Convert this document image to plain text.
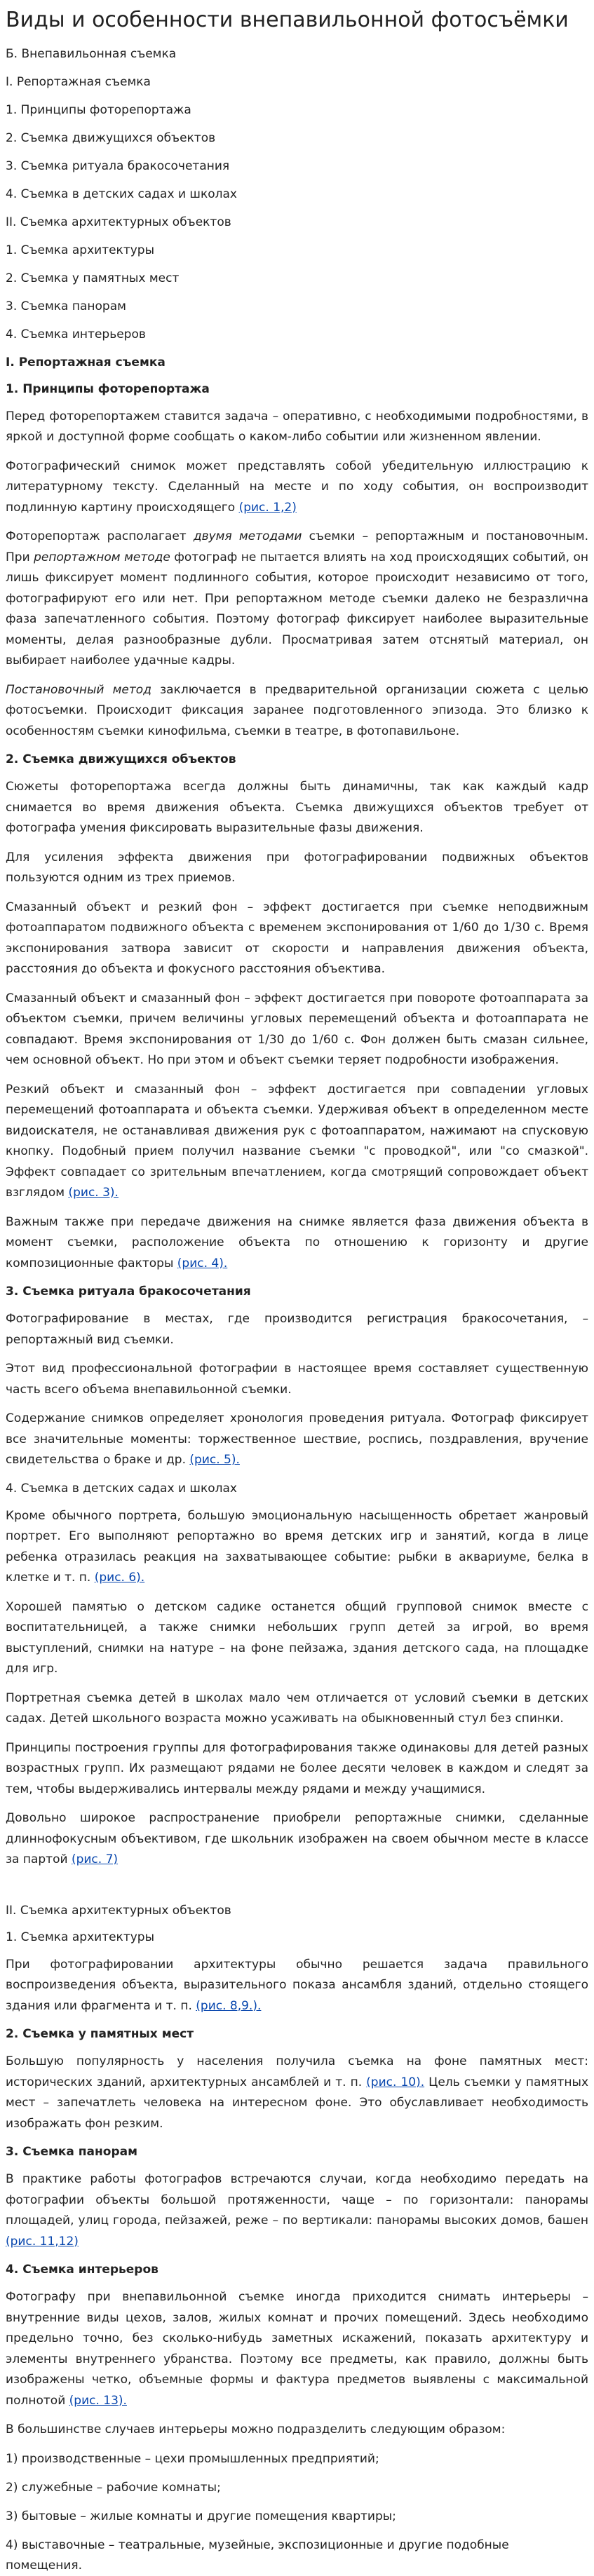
Виды и особенности внепавильонной фотосъёмки
Б. Внепавильонная съемка
I. Репортажная съемка
1. Принципы фоторепортажа
2. Съемка движущихся объектов
3. Съемка ритуала бракосочетания
4. Съемка в детских садах и школах
II. Съемка архитектурных объектов
1. Съемка архитектуры
2. Съемка у памятных мест
3. Съемка панорам
4. Съемка интерьеров
I. Репортажная съемка
1. Принципы фоторепортажа

Перед фоторепортажем ставится задача – оперативно, с необходимыми подробностями, в яркой и доступной форме сообщать о каком-либо событии или жизненном явлении.

Фотографический снимок может представлять собой убедительную иллюстрацию к литературному тексту. Сделанный на месте и по ходу события, он воспроизводит подлинную картину происходящего (рис. 1,2)

Фоторепортаж располагает двумя методами съемки – репортажным и постановочным. При репортажном методе фотограф не пытается влиять на ход происходящих событий, он лишь фиксирует момент подлинного события, которое происходит независимо от того, фотографируют его или нет. При репортажном методе съемки далеко не безразлична фаза запечатленного события. Поэтому фотограф фиксирует наиболее выразительные моменты, делая разнообразные дубли. Просматривая затем отснятый материал, он выбирает наиболее удачные кадры.

Постановочный метод заключается в предварительной организации сюжета с целью фотосъемки. Происходит фиксация заранее подготовленного эпизода. Это близко к особенностям съемки кинофильма, съемки в театре, в фотопавильоне.

2. Съемка движущихся объектов

Сюжеты фоторепортажа всегда должны быть динамичны, так как каждый кадр снимается во время движения объекта. Съемка движущихся объектов требует от фотографа умения фиксировать выразительные фазы движения.

Для усиления эффекта движения при фотографировании подвижных объектов пользуются одним из трех приемов.

Смазанный объект и резкий фон – эффект достигается при съемке неподвижным фотоаппаратом подвижного объекта с временем экспонирования от 1/60 до 1/30 с. Время экспонирования затвора зависит от скорости и направления движения объекта, расстояния до объекта и фокусного расстояния объектива.

Смазанный объект и смазанный фон – эффект достигается при повороте фотоаппарата за объектом съемки, причем величины угловых перемещений объекта и фотоаппарата не совпадают. Время экспонирования от 1/30 до 1/60 с. Фон должен быть смазан сильнее, чем основной объект. Но при этом и объект съемки теряет подробности изображения.

Резкий объект и смазанный фон – эффект достигается при совпадении угловых перемещений фотоаппарата и объекта съемки. Удерживая объект в определенном месте видоискателя, не останавливая движения рук с фотоаппаратом, нажимают на спусковую кнопку. Подобный прием получил название съемки "с проводкой", или "со смазкой". Эффект совпадает со зрительным впечатлением, когда смотрящий сопровождает объект взглядом (рис. 3).

Важным также при передаче движения на снимке является фаза движения объекта в момент съемки, расположение объекта по отношению к горизонту и другие композиционные факторы (рис. 4).

3. Съемка ритуала бракосочетания

Фотографирование в местах, где производится регистрация бракосочетания, – репортажный вид съемки.

Этот вид профессиональной фотографии в настоящее время составляет существенную часть всего объема внепавильонной съемки.

Содержание снимков определяет хронология проведения ритуала. Фотограф фиксирует все значительные моменты: торжественное шествие, роспись, поздравления, вручение свидетельства о браке и др. (рис. 5).

4. Съемка в детских садах и школах

Кроме обычного портрета, большую эмоциональную насыщенность обретает жанровый портрет. Его выполняют репортажно во время детских игр и занятий, когда в лице ребенка отразилась реакция на захватывающее событие: рыбки в аквариуме, белка в клетке и т. п. (рис. 6).

Хорошей памятью о детском садике останется общий групповой снимок вместе с воспитательницей, а также снимки небольших групп детей за игрой, во время выступлений, снимки на натуре – на фоне пейзажа, здания детского сада, на площадке для игр.

Портретная съемка детей в школах мало чем отличается от условий съемки в детских садах. Детей школьного возраста можно усаживать на обыкновенный стул без спинки.

Принципы построения группы для фотографирования также одинаковы для детей разных возрастных групп. Их размещают рядами не более десяти человек в каждом и следят за тем, чтобы выдерживались интервалы между рядами и между учащимися.

Довольно широкое распространение приобрели репортажные снимки, сделанные длиннофокусным объективом, где школьник изображен на своем обычном месте в классе за партой (рис. 7)

II. Съемка архитектурных объектов
1. Съемка архитектуры

При фотографировании архитектуры обычно решается задача правильного воспроизведения объекта, выразительного показа ансамбля зданий, отдельно стоящего здания или фрагмента и т. п. (рис. 8,9.).

2. Съемка у памятных мест

Большую популярность у населения получила съемка на фоне памятных мест: исторических зданий, архитектурных ансамблей и т. п. (рис. 10). Цель съемки у памятных мест – запечатлеть человека на интересном фоне. Это обуславливает необходимость изображать фон резким.

3. Съемка панорам

В практике работы фотографов встречаются случаи, когда необходимо передать на фотографии объекты большой протяженности, чаще – по горизонтали: панорамы площадей, улиц города, пейзажей, реже – по вертикали: панорамы высоких домов, башен (рис. 11,12)

4. Съемка интерьеров

Фотографу при внепавильонной съемке иногда приходится снимать интерьеры – внутренние виды цехов, залов, жилых комнат и прочих помещений. Здесь необходимо предельно точно, без сколько-нибудь заметных искажений, показать архитектуру и элементы внутреннего убранства. Поэтому все предметы, как правило, должны быть изображены четко, объемные формы и фактура предметов выявлены с максимальной полнотой (рис. 13).

В большинстве случаев интерьеры можно подразделить следующим образом:

1) производственные – цехи промышленных предприятий;
2) служебные – рабочие комнаты;
3) бытовые – жилые комнаты и другие помещения квартиры;
4) выставочные – театральные, музейные, экспозиционные и другие подобные помещения.
